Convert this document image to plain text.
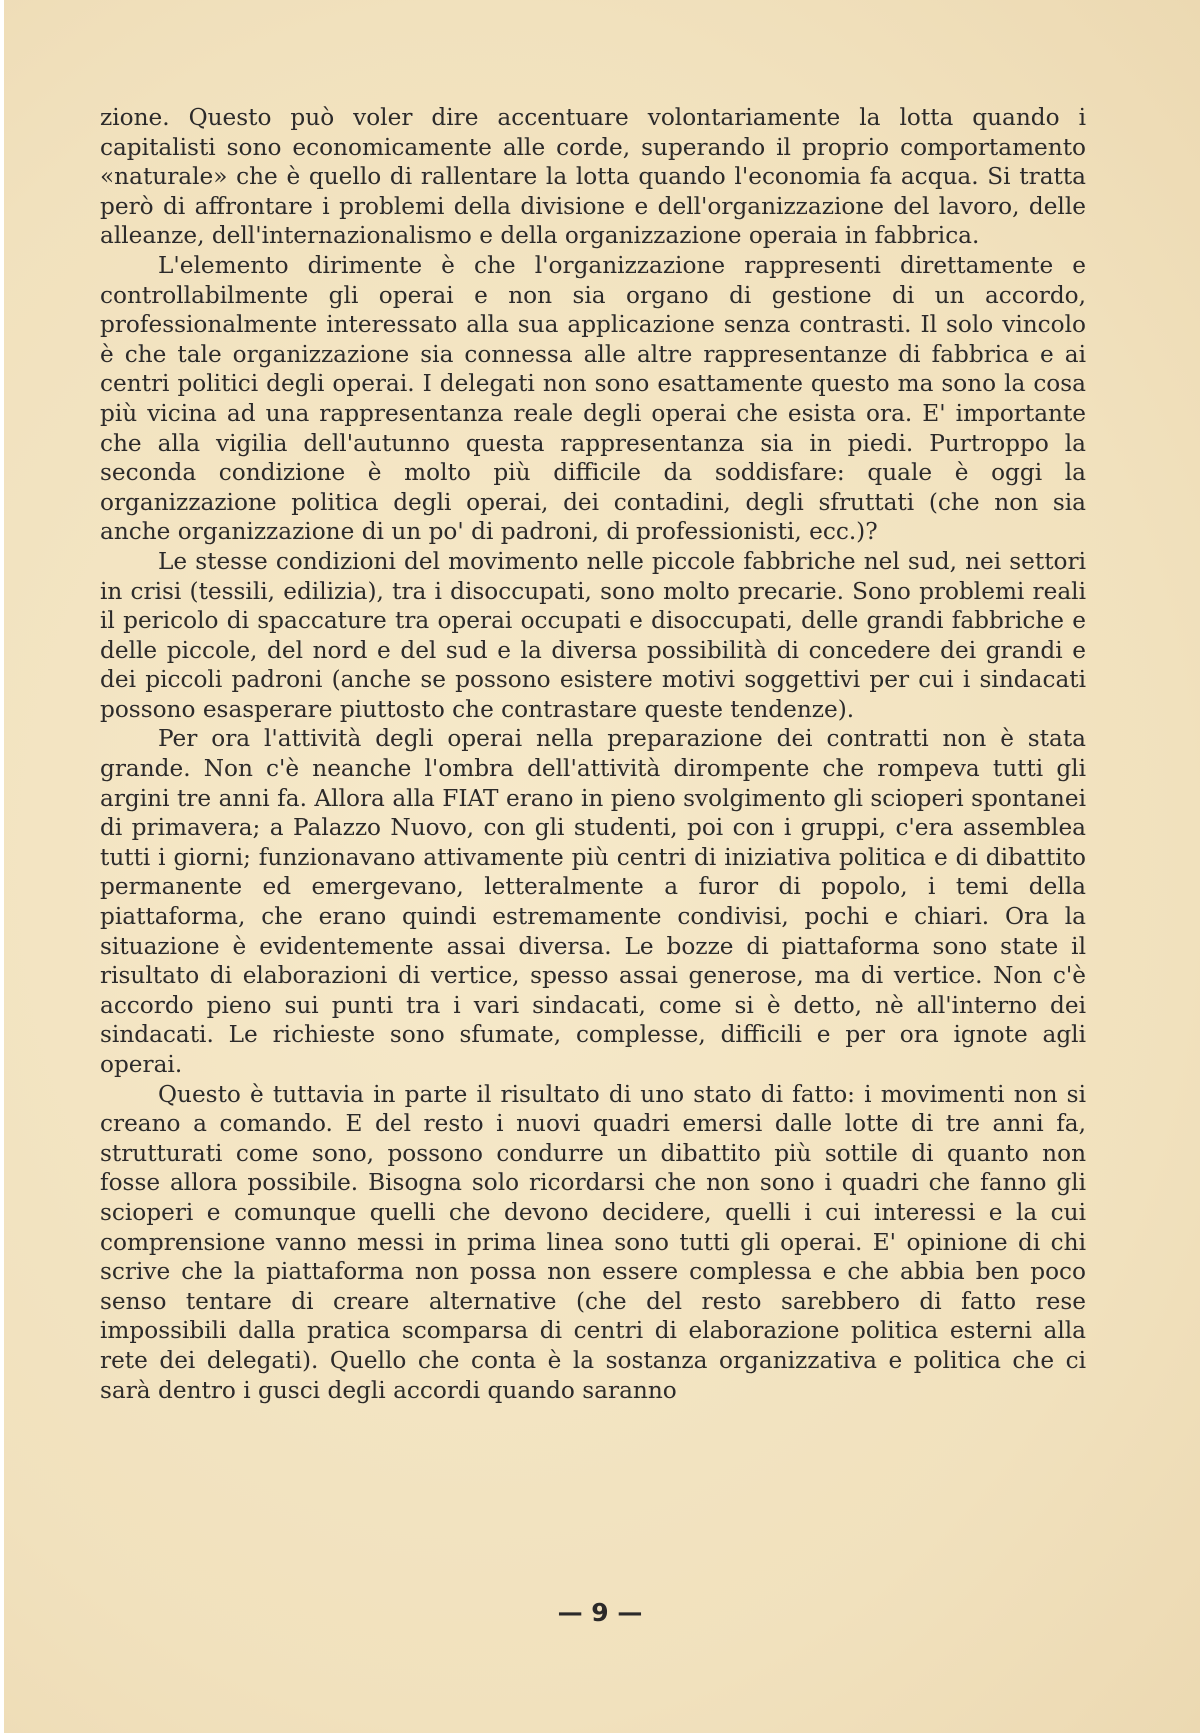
zione. Questo può voler dire accentuare volontariamente la lotta quando i capitalisti sono economicamente alle corde, superando il proprio comportamento «naturale» che è quello di rallentare la lotta quando l'economia fa acqua. Si tratta però di affrontare i problemi della divisione e dell'organizzazione del lavoro, delle alleanze, dell'internazionalismo e della organizzazione operaia in fabbrica.

L'elemento dirimente è che l'organizzazione rappresenti direttamente e controllabilmente gli operai e non sia organo di gestione di un accordo, professionalmente interessato alla sua applicazione senza contrasti. Il solo vincolo è che tale organizzazione sia connessa alle altre rappresentanze di fabbrica e ai centri politici degli operai. I delegati non sono esattamente questo ma sono la cosa più vicina ad una rappresentanza reale degli operai che esista ora. E' importante che alla vigilia dell'autunno questa rappresentanza sia in piedi. Purtroppo la seconda condizione è molto più difficile da soddisfare: quale è oggi la organizzazione politica degli operai, dei contadini, degli sfruttati (che non sia anche organizzazione di un po' di padroni, di professionisti, ecc.)?

Le stesse condizioni del movimento nelle piccole fabbriche nel sud, nei settori in crisi (tessili, edilizia), tra i disoccupati, sono molto precarie. Sono problemi reali il pericolo di spaccature tra operai occupati e disoccupati, delle grandi fabbriche e delle piccole, del nord e del sud e la diversa possibilità di concedere dei grandi e dei piccoli padroni (anche se possono esistere motivi soggettivi per cui i sindacati possono esasperare piuttosto che contrastare queste tendenze).

Per ora l'attività degli operai nella preparazione dei contratti non è stata grande. Non c'è neanche l'ombra dell'attività dirompente che rompeva tutti gli argini tre anni fa. Allora alla FIAT erano in pieno svolgimento gli scioperi spontanei di primavera; a Palazzo Nuovo, con gli studenti, poi con i gruppi, c'era assemblea tutti i giorni; funzionavano attivamente più centri di iniziativa politica e di dibattito permanente ed emergevano, letteralmente a furor di popolo, i temi della piattaforma, che erano quindi estremamente condivisi, pochi e chiari. Ora la situazione è evidentemente assai diversa. Le bozze di piattaforma sono state il risultato di elaborazioni di vertice, spesso assai generose, ma di vertice. Non c'è accordo pieno sui punti tra i vari sindacati, come si è detto, nè all'interno dei sindacati. Le richieste sono sfumate, complesse, difficili e per ora ignote agli operai.

Questo è tuttavia in parte il risultato di uno stato di fatto: i movimenti non si creano a comando. E del resto i nuovi quadri emersi dalle lotte di tre anni fa, strutturati come sono, possono condurre un dibattito più sottile di quanto non fosse allora possibile. Bisogna solo ricordarsi che non sono i quadri che fanno gli scioperi e comunque quelli che devono decidere, quelli i cui interessi e la cui comprensione vanno messi in prima linea sono tutti gli operai. E' opinione di chi scrive che la piattaforma non possa non essere complessa e che abbia ben poco senso tentare di creare alternative (che del resto sarebbero di fatto rese impossibili dalla pratica scomparsa di centri di elaborazione politica esterni alla rete dei delegati). Quello che conta è la sostanza organizzativa e politica che ci sarà dentro i gusci degli accordi quando saranno

— 9 —
